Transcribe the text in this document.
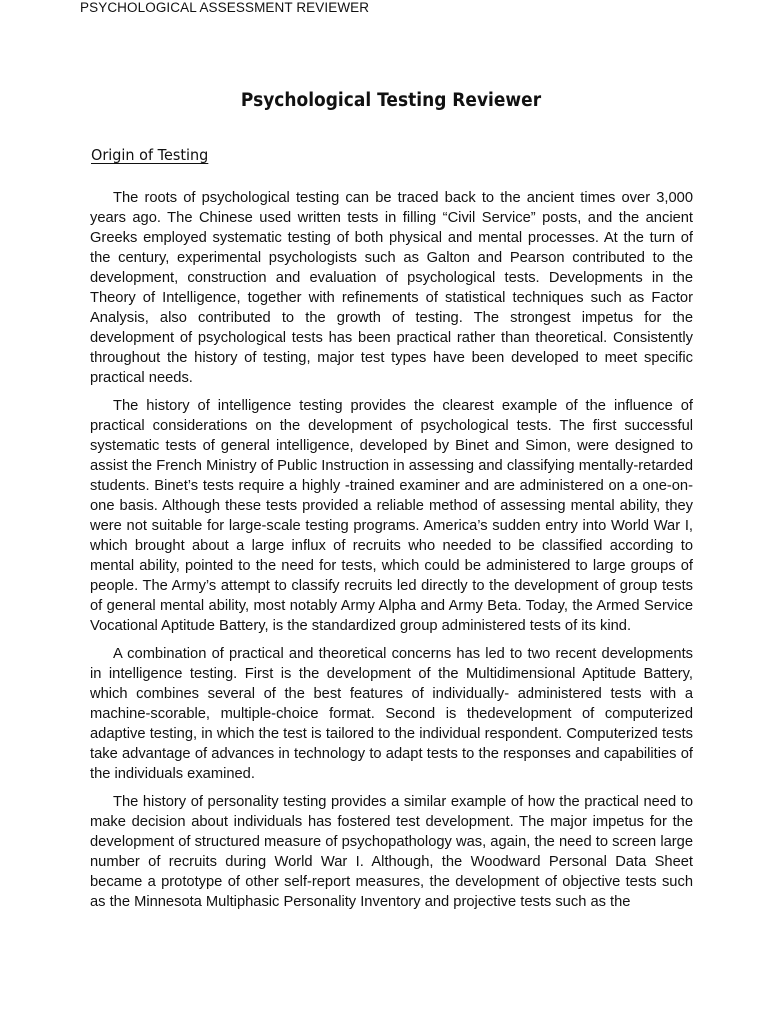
PSYCHOLOGICAL ASSESSMENT REVIEWER
Psychological Testing Reviewer
Origin of Testing

The roots of psychological testing can be traced back to the ancient times over 3,000 years ago. The Chinese used written tests in filling “Civil Service” posts, and the ancient Greeks employed systematic testing of both physical and mental processes. At the turn of the century, experimental psychologists such as Galton and Pearson contributed to the development, construction and evaluation of psychological tests. Developments in the Theory of Intelligence, together with refinements of statistical techniques such as Factor Analysis, also contributed to the growth of testing. The strongest impetus for the development of psychological tests has been practical rather than theoretical. Consistently throughout the history of testing, major test types have been developed to meet specific practical needs.

The history of intelligence testing provides the clearest example of the influence of practical considerations on the development of psychological tests. The first successful systematic tests of general intelligence, developed by Binet and Simon, were designed to assist the French Ministry of Public Instruction in assessing and classifying mentally-retarded students. Binet’s tests require a highly -trained examiner and are administered on a one-on-one basis. Although these tests provided a reliable method of assessing mental ability, they were not suitable for large-scale testing programs. America’s sudden entry into World War I, which brought about a large influx of recruits who needed to be classified according to mental ability, pointed to the need for tests, which could be administered to large groups of people. The Army’s attempt to classify recruits led directly to the development of group tests of general mental ability, most notably Army Alpha and Army Beta. Today, the Armed Service Vocational Aptitude Battery, is the standardized group administered tests of its kind.

A combination of practical and theoretical concerns has led to two recent developments in intelligence testing. First is the development of the Multidimensional Aptitude Battery, which combines several of the best features of individually- administered tests with a machine-scorable, multiple-choice format. Second is thedevelopment of computerized adaptive testing, in which the test is tailored to the individual respondent. Computerized tests take advantage of advances in technology to adapt tests to the responses and capabilities of the individuals examined.

The history of personality testing provides a similar example of how the practical need to make decision about individuals has fostered test development. The major impetus for the development of structured measure of psychopathology was, again, the need to screen large number of recruits during World War I. Although, the Woodward Personal Data Sheet became a prototype of other self-report measures, the development of objective tests such as the Minnesota Multiphasic Personality Inventory and projective tests such as the
